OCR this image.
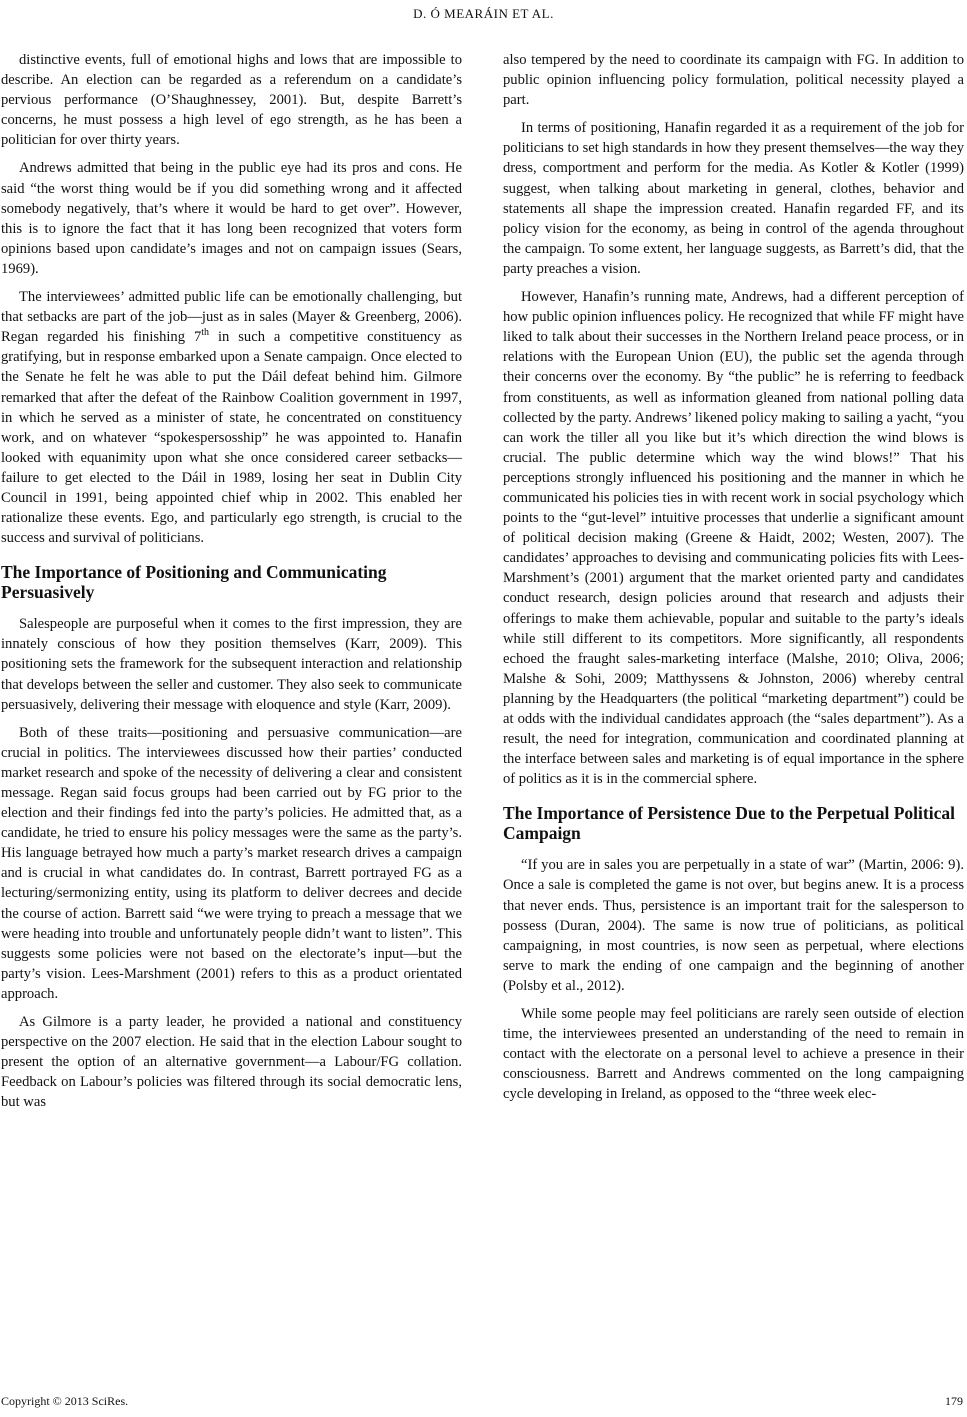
D. Ó MEARÁIN ET AL.

distinctive events, full of emotional highs and lows that are impossible to describe. An election can be regarded as a referendum on a candidate’s pervious performance (O’Shaughnessey, 2001). But, despite Barrett’s concerns, he must possess a high level of ego strength, as he has been a politician for over thirty years.

Andrews admitted that being in the public eye had its pros and cons. He said “the worst thing would be if you did something wrong and it affected somebody negatively, that’s where it would be hard to get over”. However, this is to ignore the fact that it has long been recognized that voters form opinions based upon candidate’s images and not on campaign issues (Sears, 1969).

The interviewees’ admitted public life can be emotionally challenging, but that setbacks are part of the job—just as in sales (Mayer & Greenberg, 2006). Regan regarded his finishing 7th in such a competitive constituency as gratifying, but in response embarked upon a Senate campaign. Once elected to the Senate he felt he was able to put the Dáil defeat behind him. Gilmore remarked that after the defeat of the Rainbow Coalition government in 1997, in which he served as a minister of state, he concentrated on constituency work, and on whatever “spokespersosship” he was appointed to. Hanafin looked with equanimity upon what she once considered career setbacks—failure to get elected to the Dáil in 1989, losing her seat in Dublin City Council in 1991, being appointed chief whip in 2002. This enabled her rationalize these events. Ego, and particularly ego strength, is crucial to the success and survival of politicians.

The Importance of Positioning and Communicating Persuasively

Salespeople are purposeful when it comes to the first impression, they are innately conscious of how they position themselves (Karr, 2009). This positioning sets the framework for the subsequent interaction and relationship that develops between the seller and customer. They also seek to communicate persuasively, delivering their message with eloquence and style (Karr, 2009).

Both of these traits—positioning and persuasive communication—are crucial in politics. The interviewees discussed how their parties’ conducted market research and spoke of the necessity of delivering a clear and consistent message. Regan said focus groups had been carried out by FG prior to the election and their findings fed into the party’s policies. He admitted that, as a candidate, he tried to ensure his policy messages were the same as the party’s. His language betrayed how much a party’s market research drives a campaign and is crucial in what candidates do. In contrast, Barrett portrayed FG as a lecturing/sermonizing entity, using its platform to deliver decrees and decide the course of action. Barrett said “we were trying to preach a message that we were heading into trouble and unfortunately people didn’t want to listen”. This suggests some policies were not based on the electorate’s input—but the party’s vision. Lees-Marshment (2001) refers to this as a product orientated approach.

As Gilmore is a party leader, he provided a national and constituency perspective on the 2007 election. He said that in the election Labour sought to present the option of an alternative government—a Labour/FG collation. Feedback on Labour’s policies was filtered through its social democratic lens, but was

also tempered by the need to coordinate its campaign with FG. In addition to public opinion influencing policy formulation, political necessity played a part.

In terms of positioning, Hanafin regarded it as a requirement of the job for politicians to set high standards in how they present themselves—the way they dress, comportment and perform for the media. As Kotler & Kotler (1999) suggest, when talking about marketing in general, clothes, behavior and statements all shape the impression created. Hanafin regarded FF, and its policy vision for the economy, as being in control of the agenda throughout the campaign. To some extent, her language suggests, as Barrett’s did, that the party preaches a vision.

However, Hanafin’s running mate, Andrews, had a different perception of how public opinion influences policy. He recognized that while FF might have liked to talk about their successes in the Northern Ireland peace process, or in relations with the European Union (EU), the public set the agenda through their concerns over the economy. By “the public” he is referring to feedback from constituents, as well as information gleaned from national polling data collected by the party. Andrews’ likened policy making to sailing a yacht, “you can work the tiller all you like but it’s which direction the wind blows is crucial. The public determine which way the wind blows!” That his perceptions strongly influenced his positioning and the manner in which he communicated his policies ties in with recent work in social psychology which points to the “gut-level” intuitive processes that underlie a significant amount of political decision making (Greene & Haidt, 2002; Westen, 2007). The candidates’ approaches to devising and communicating policies fits with Lees-Marshment’s (2001) argument that the market oriented party and candidates conduct research, design policies around that research and adjusts their offerings to make them achievable, popular and suitable to the party’s ideals while still different to its competitors. More significantly, all respondents echoed the fraught sales-marketing interface (Malshe, 2010; Oliva, 2006; Malshe & Sohi, 2009; Matthyssens & Johnston, 2006) whereby central planning by the Headquarters (the political “marketing department”) could be at odds with the individual candidates approach (the “sales department”). As a result, the need for integration, communication and coordinated planning at the interface between sales and marketing is of equal importance in the sphere of politics as it is in the commercial sphere.

The Importance of Persistence Due to the Perpetual Political Campaign

“If you are in sales you are perpetually in a state of war” (Martin, 2006: 9). Once a sale is completed the game is not over, but begins anew. It is a process that never ends. Thus, persistence is an important trait for the salesperson to possess (Duran, 2004). The same is now true of politicians, as political campaigning, in most countries, is now seen as perpetual, where elections serve to mark the ending of one campaign and the beginning of another (Polsby et al., 2012).

While some people may feel politicians are rarely seen outside of election time, the interviewees presented an understanding of the need to remain in contact with the electorate on a personal level to achieve a presence in their consciousness. Barrett and Andrews commented on the long campaigning cycle developing in Ireland, as opposed to the “three week elec-

Copyright © 2013 SciRes.	179
